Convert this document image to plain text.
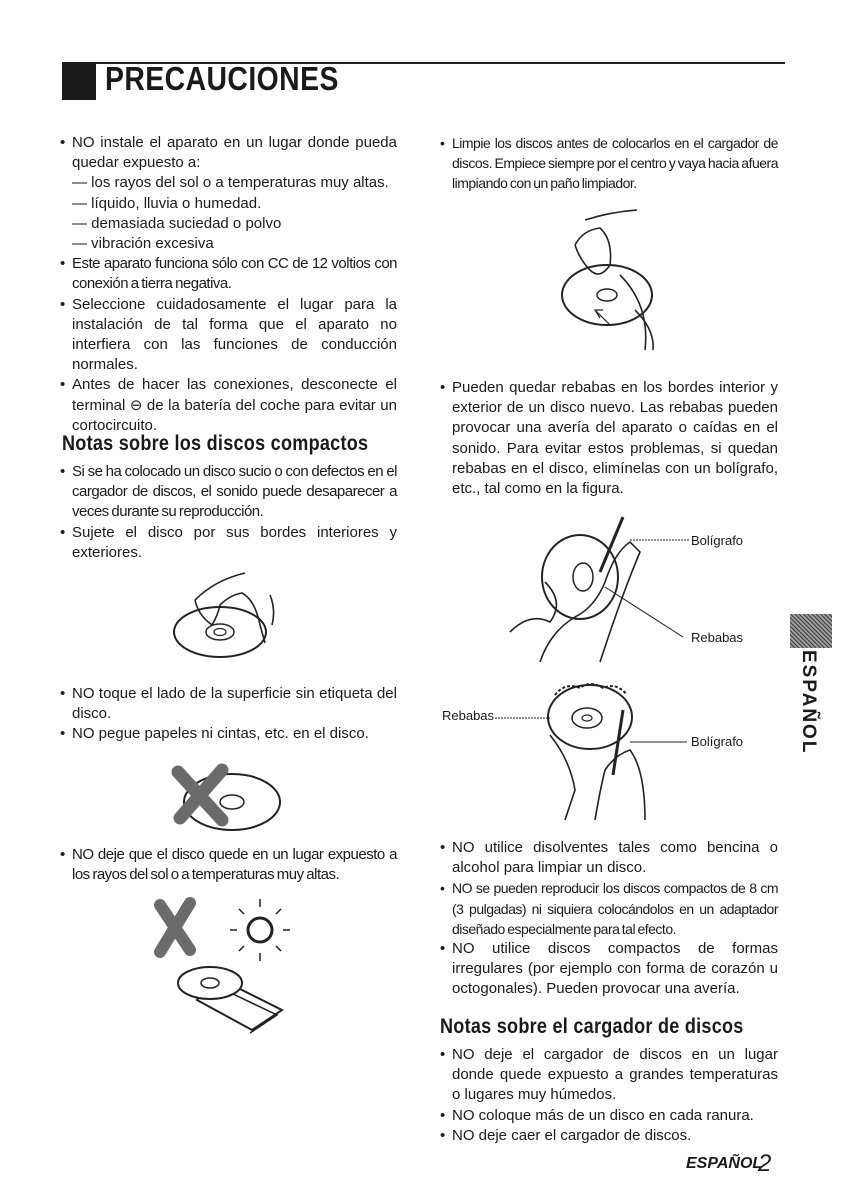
PRECAUCIONES
• NO instale el aparato en un lugar donde pueda quedar expuesto a:
— los rayos del sol o a temperaturas muy altas.
— líquido, lluvia o humedad.
— demasiada suciedad o polvo
— vibración excesiva
• Este aparato funciona sólo con CC de 12 voltios con conexión a tierra negativa.
• Seleccione cuidadosamente el lugar para la instalación de tal forma que el aparato no interfiera con las funciones de conducción normales.
• Antes de hacer las conexiones, desconecte el terminal ⊖ de la batería del coche para evitar un cortocircuito.
Notas sobre los discos compactos
• Si se ha colocado un disco sucio o con defectos en el cargador de discos, el sonido puede desaparecer a veces durante su reproducción.
• Sujete el disco por sus bordes interiores y exteriores.
• NO toque el lado de la superficie sin etiqueta del disco.
• NO pegue papeles ni cintas, etc. en el disco.
• NO deje que el disco quede en un lugar expuesto a los rayos del sol o a temperaturas muy altas.
• Limpie los discos antes de colocarlos en el cargador de discos. Empiece siempre por el centro y vaya hacia afuera limpiando con un paño limpiador.
• Pueden quedar rebabas en los bordes interior y exterior de un disco nuevo. Las rebabas pueden provocar una avería del aparato o caídas en el sonido. Para evitar estos problemas, si quedan rebabas en el disco, elimínelas con un bolígrafo, etc., tal como en la figura.
Bolígrafo
Rebabas
Rebabas
Bolígrafo
• NO utilice disolventes tales como bencina o alcohol para limpiar un disco.
• NO se pueden reproducir los discos compactos de 8 cm (3 pulgadas) ni siquiera colocándolos en un adaptador diseñado especialmente para tal efecto.
• NO utilice discos compactos de formas irregulares (por ejemplo con forma de corazón u octogonales). Pueden provocar una avería.
Notas sobre el cargador de discos
• NO deje el cargador de discos en un lugar donde quede expuesto a grandes temperaturas o lugares muy húmedos.
• NO coloque más de un disco en cada ranura.
• NO deje caer el cargador de discos.
ESPAÑOL
ESPAÑOL
2
